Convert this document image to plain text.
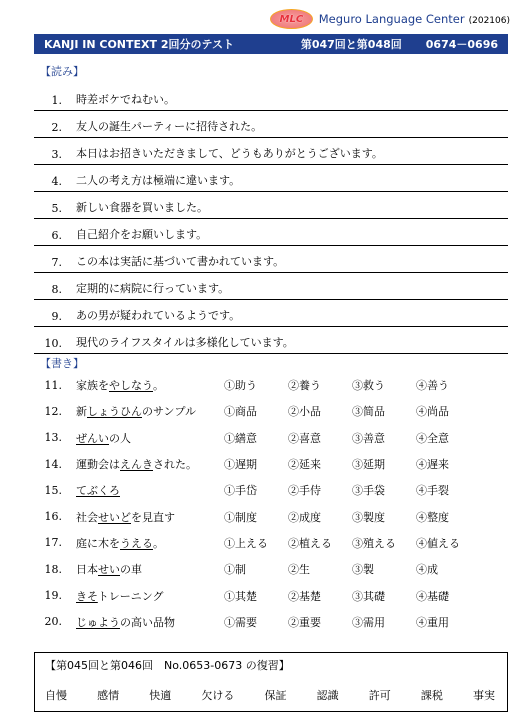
MLC Meguro Language Center (202106)
KANJI IN CONTEXT 2回分のテスト	第047回と第048回 0674－0696
【読み】
1.	時差ボケでねむい。
2.	友人の誕生パーティーに招待された。
3.	本日はお招きいただきまして、どうもありがとうございます。
4.	二人の考え方は極端に違います。
5.	新しい食器を買いました。
6.	自己紹介をお願いします。
7.	この本は実話に基づいて書かれています。
8.	定期的に病院に行っています。
9.	あの男が疑われているようです。
10.	現代のライフスタイルは多様化しています。
【書き】
11.	家族をやしなう。	①助う	②養う	③救う	④善う
12.	新しょうひんのサンプル	①商品	②小品	③简品	④尚品
13.	ぜんいの人	①繕意	②喜意	③善意	④全意
14.	運動会はえんきされた。	①遅期	②延来	③延期	④遅来
15.	てぶくろ	①手岱	②手侍	③手袋	④手裂
16.	社会せいどを見直す	①制度	②成度	③製度	④整度
17.	庭に木をうえる。	①上える	②植える	③殖える	④値える
18.	日本せいの車	①制	②生	③製	④成
19.	きそトレーニング	①其楚	②基楚	③其礎	④基礎
20.	じゅようの高い品物	①需要	②重要	③需用	④重用
【第045回と第046回　No.0653-0673 の復習】
自慢	感情	快適	欠ける	保証	認識	許可	課税	事実
